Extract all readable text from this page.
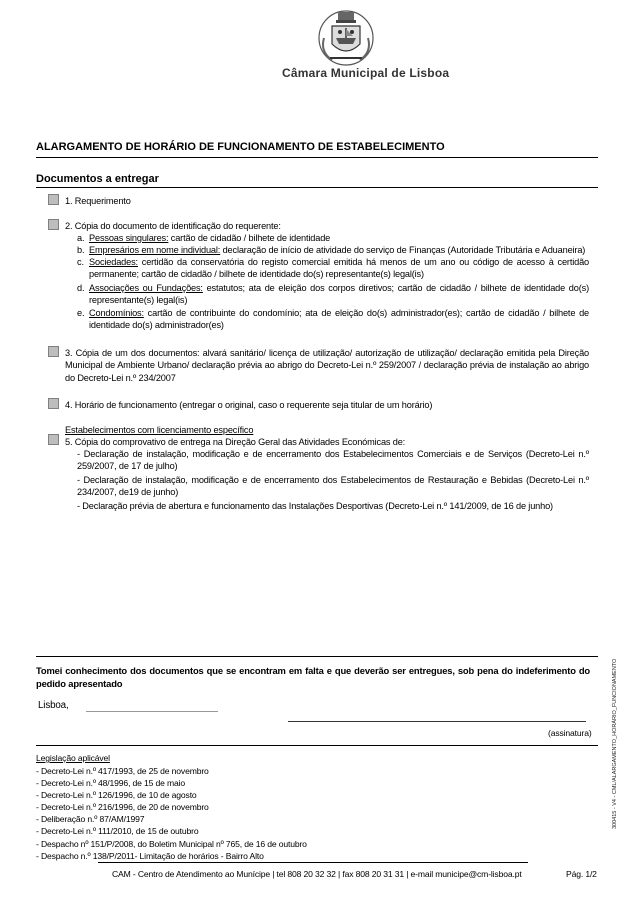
Câmara Municipal de Lisboa
ALARGAMENTO DE HORÁRIO DE FUNCIONAMENTO DE ESTABELECIMENTO
Documentos a entregar
1. Requerimento
2. Cópia do documento de identificação do requerente:
a. Pessoas singulares: cartão de cidadão / bilhete de identidade
b. Empresários em nome individual: declaração de início de atividade do serviço de Finanças (Autoridade Tributária e Aduaneira)
c. Sociedades: certidão da conservatória do registo comercial emitida há menos de um ano ou código de acesso à certidão permanente; cartão de cidadão / bilhete de identidade do(s) representante(s) legal(is)
d. Associações ou Fundações: estatutos; ata de eleição dos corpos diretivos; cartão de cidadão / bilhete de identidade do(s) representante(s) legal(is)
e. Condomínios: cartão de contribuinte do condomínio; ata de eleição do(s) administrador(es); cartão de cidadão / bilhete de identidade do(s) administrador(es)
3. Cópia de um dos documentos: alvará sanitário/ licença de utilização/ autorização de utilização/ declaração emitida pela Direção Municipal de Ambiente Urbano/ declaração prévia ao abrigo do Decreto-Lei n.º 259/2007 / declaração prévia de instalação ao abrigo do Decreto-Lei n.º 234/2007
4. Horário de funcionamento (entregar o original, caso o requerente seja titular de um horário)
Estabelecimentos com licenciamento específico
5. Cópia do comprovativo de entrega na Direção Geral das Atividades Económicas de:
- Declaração de instalação, modificação e de encerramento dos Estabelecimentos Comerciais e de Serviços (Decreto-Lei n.º 259/2007, de 17 de julho)
- Declaração de instalação, modificação e de encerramento dos Estabelecimentos de Restauração e Bebidas (Decreto-Lei n.º 234/2007, de19 de junho)
- Declaração prévia de abertura e funcionamento das Instalações Desportivas (Decreto-Lei n.º 141/2009, de 16 de junho)
Tomei conhecimento dos documentos que se encontram em falta e que deverão ser entregues, sob pena do indeferimento do pedido apresentado
Lisboa,
(assinatura)
Legislação aplicável
- Decreto-Lei n.º 417/1993, de 25 de novembro
- Decreto-Lei n.º 48/1996, de 15 de maio
- Decreto-Lei n.º 126/1996, de 10 de agosto
- Decreto-Lei n.º 216/1996, de 20 de novembro
- Deliberação n.º 87/AM/1997
- Decreto-Lei n.º 111/2010, de 15 de outubro
- Despacho nº 151/P/2008, do Boletim Municipal nº 765, de 16 de outubro
- Despacho n.º 138/P/2011- Limitação de horários - Bairro Alto
CAM - Centro de Atendimento ao Munícipe | tel 808 20 32 32 | fax 808 20 31 31 | e-mail municipe@cm-lisboa.pt	Pág. 1/2
300415 - V4 - CML/ALARGAMENTO_HORÁRIO_FUNCIONAMENTO
